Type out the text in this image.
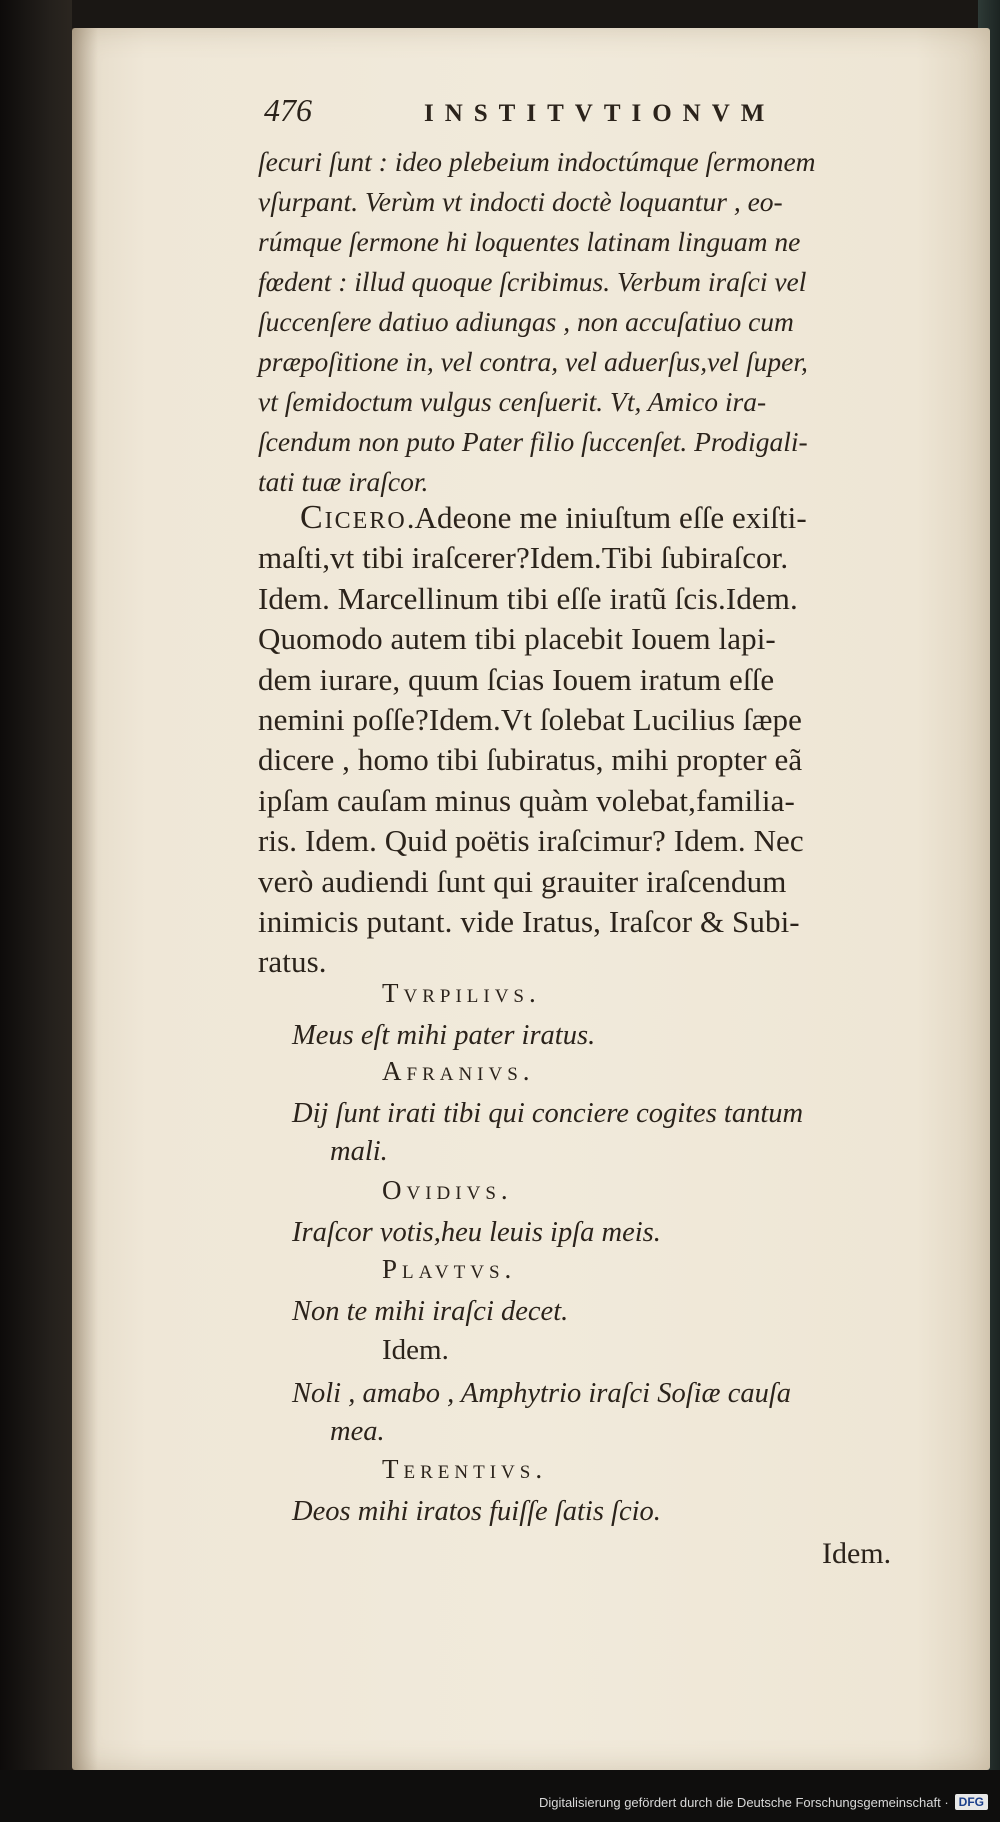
476	INSTITVTIONVM
ſecuri ſunt : ideo plebeium indoctúmque ſermonem
vſurpant. Verùm vt indocti doctè loquantur , eo-
rúmque ſermone hi loquentes latinam linguam ne
fœdent : illud quoque ſcribimus. Verbum iraſci vel
ſuccenſere datiuo adiungas , non accuſatiuo cum
præpoſitione in, vel contra, vel aduerſus,vel ſuper,
vt ſemidoctum vulgus cenſuerit. Vt, Amico ira-
ſcendum non puto Pater filio ſuccenſet. Prodigali-
tati tuæ iraſcor.
Cicero.Adeone me iniuſtum eſſe exiſti-
maſti,vt tibi iraſcerer?Idem.Tibi ſubiraſcor.
Idem. Marcellinum tibi eſſe iratũ ſcis.Idem.
Quomodo autem tibi placebit Iouem lapi-
dem iurare, quum ſcias Iouem iratum eſſe
nemini poſſe?Idem.Vt ſolebat Lucilius ſæpe
dicere , homo tibi ſubiratus, mihi propter eã
ipſam cauſam minus quàm volebat,familia-
ris. Idem. Quid poëtis iraſcimur? Idem. Nec
verò audiendi ſunt qui grauiter iraſcendum
inimicis putant. vide Iratus, Iraſcor & Subi-
ratus.
Tvrpilivs.
Meus eſt mihi pater iratus.
Afranivs.
Dij ſunt irati tibi qui conciere cogites tantum
mali.
Ovidivs.
Iraſcor votis,heu leuis ipſa meis.
Plavtvs.
Non te mihi iraſci decet.
Idem.
Noli , amabo , Amphytrio iraſci Soſiæ cauſa
mea.
Terentivs.
Deos mihi iratos fuiſſe ſatis ſcio.
Idem.
Digitalisierung gefördert durch die Deutsche Forschungsgemeinschaft · DFG
